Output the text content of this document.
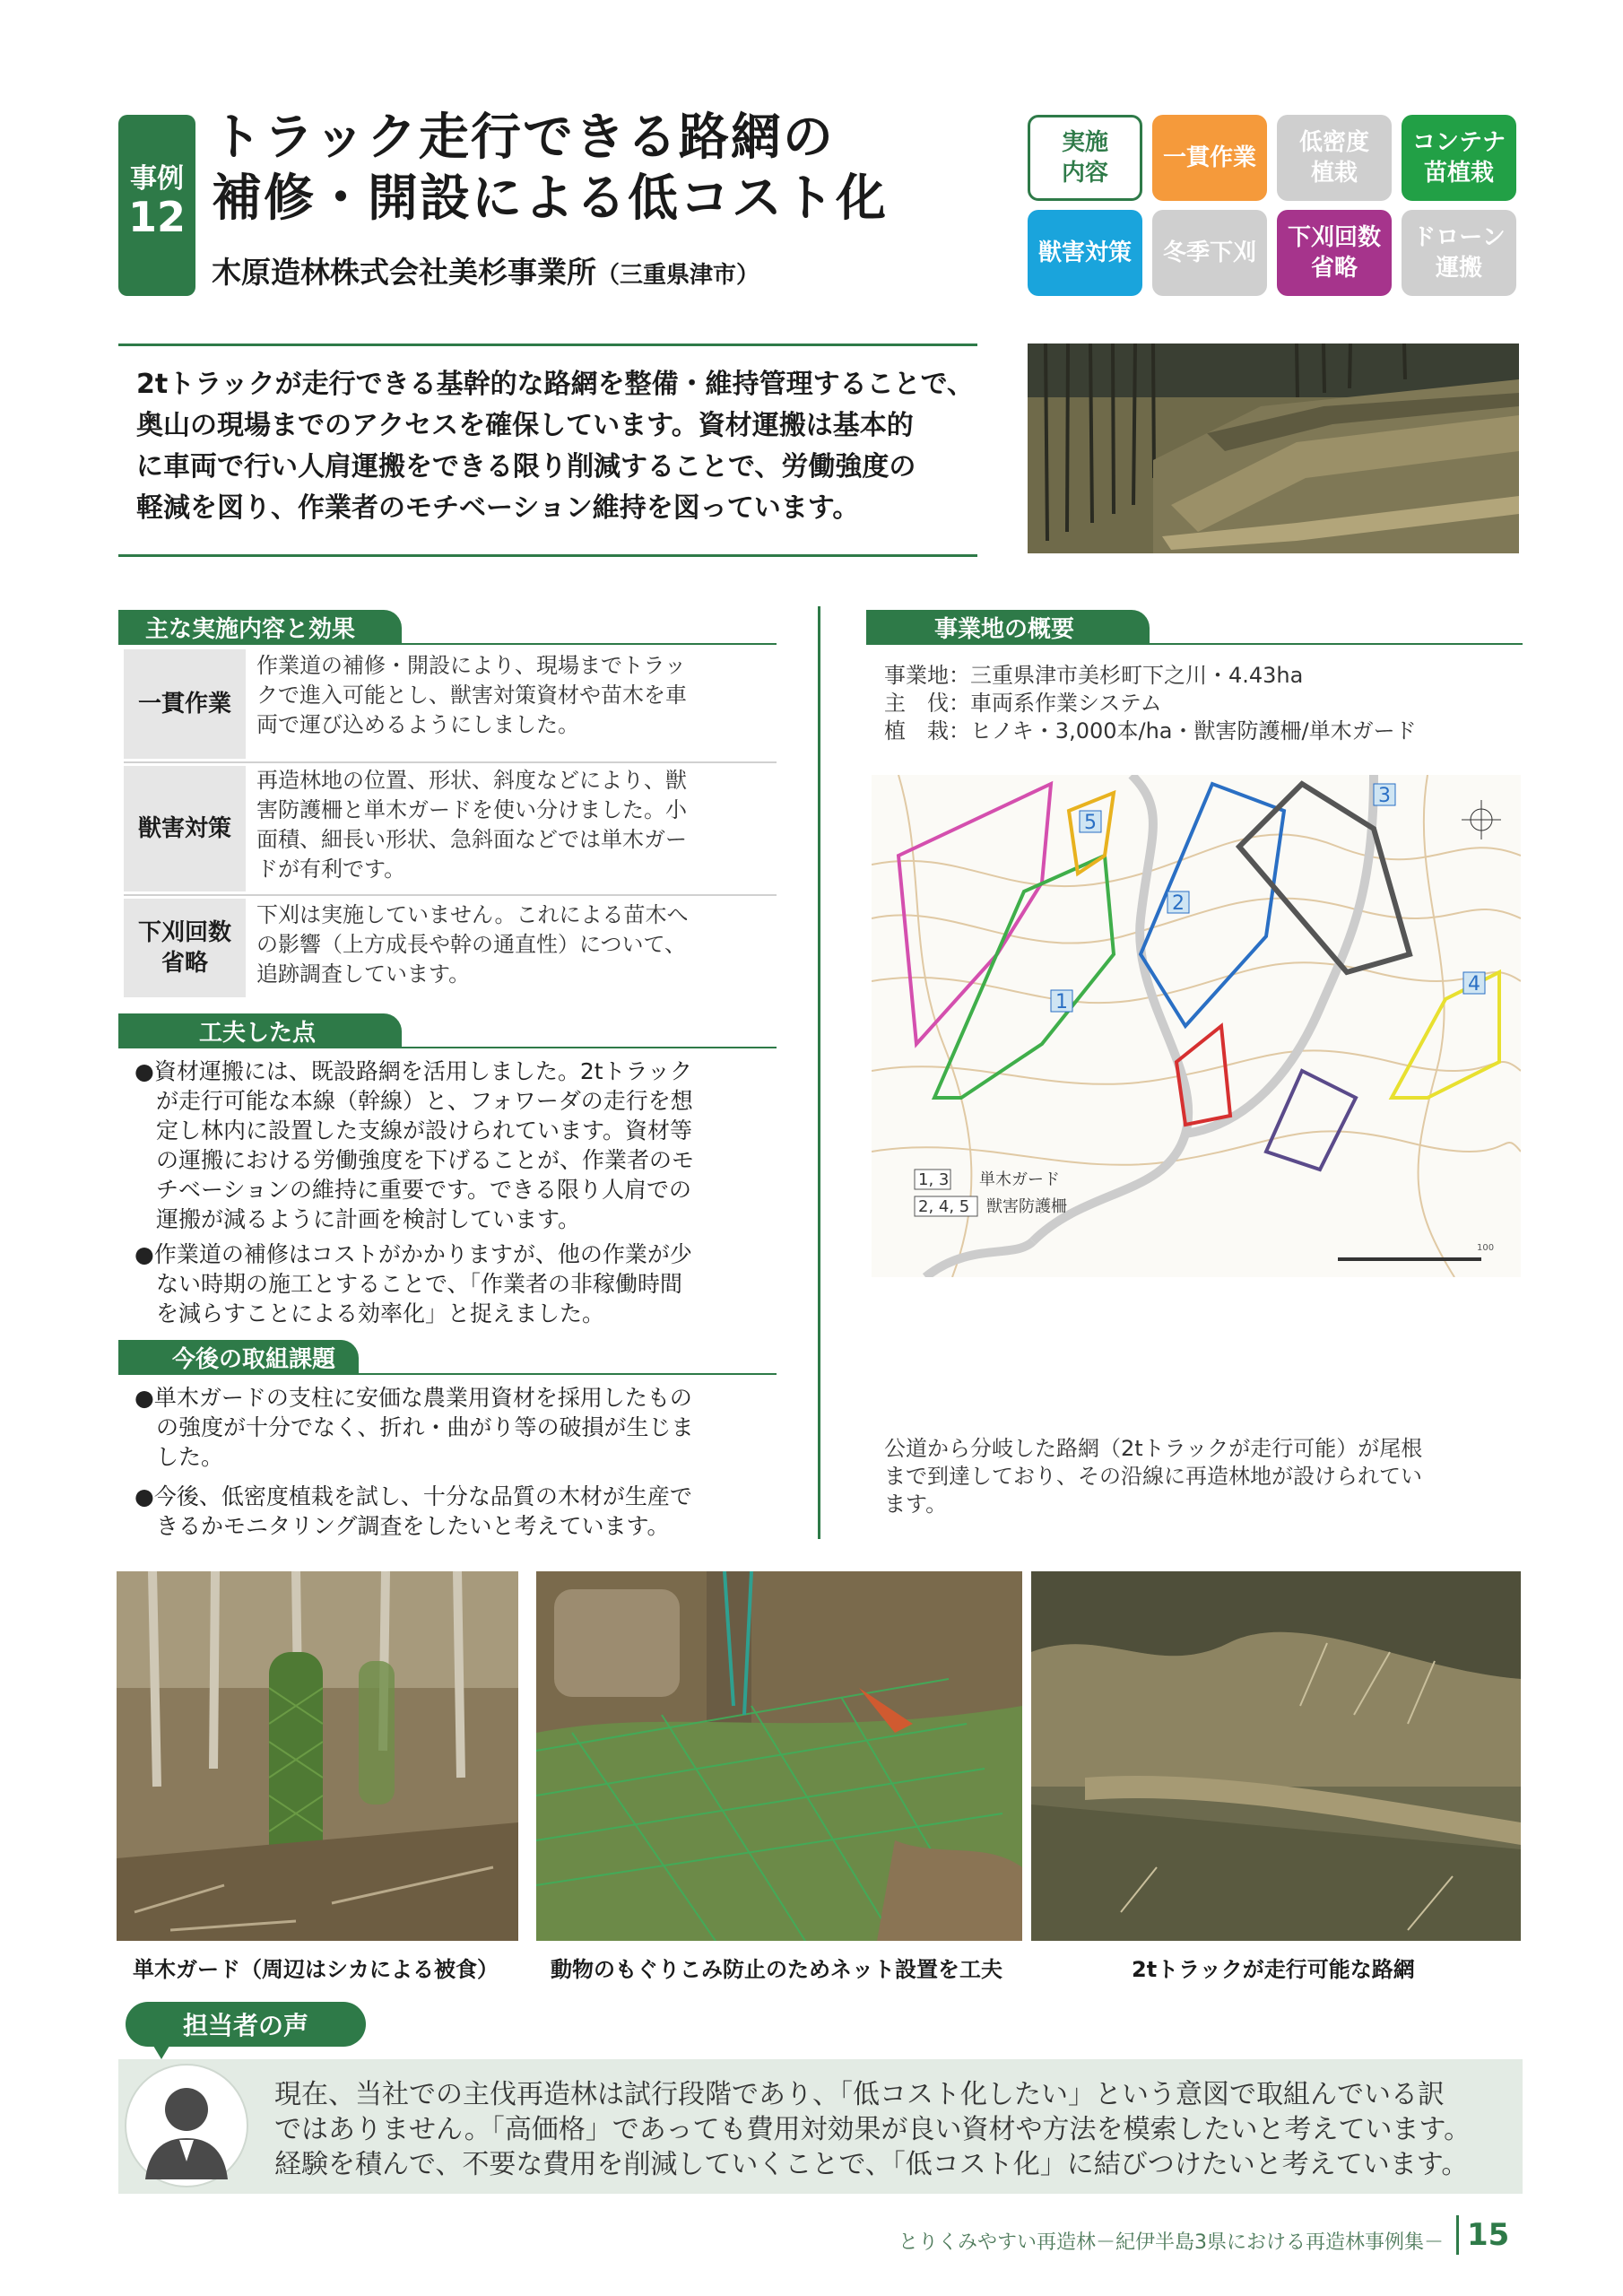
事例
12
トラック走行できる路網の
補修・開設による低コスト化
木原造林株式会社美杉事業所（三重県津市）
実施
内容
一貫作業
低密度
植栽
コンテナ
苗植栽
獣害対策 冬季下刈
下刈回数
省略
ドローン
運搬

2tトラックが走行できる基幹的な路網を整備・維持管理することで、
奥山の現場までのアクセスを確保しています。資材運搬は基本的
に車両で行い人肩運搬をできる限り削減することで、労働強度の
軽減を図り、作業者のモチベーション維持を図っています。

主な実施内容と効果
一貫作業
作業道の補修・開設により、現場までトラッ
クで進入可能とし、獣害対策資材や苗木を車
両で運び込めるようにしました。
獣害対策
再造林地の位置、形状、斜度などにより、獣
害防護柵と単木ガードを使い分けました。小
面積、細長い形状、急斜面などでは単木ガー
ドが有利です。
下刈回数
省略
下刈は実施していません。これによる苗木へ
の影響（上方成長や幹の通直性）について、
追跡調査しています。
工夫した点
●資材運搬には、既設路網を活用しました。2tトラック
が走行可能な本線（幹線）と、フォワーダの走行を想
定し林内に設置した支線が設けられています。資材等
の運搬における労働強度を下げることが、作業者のモ
チベーションの維持に重要です。できる限り人肩での
運搬が減るように計画を検討しています。
●作業道の補修はコストがかかりますが、他の作業が少
ない時期の施工とすることで、「作業者の非稼働時間
を減らすことによる効率化」と捉えました。
今後の取組課題
●単木ガードの支柱に安価な農業用資材を採用したもの
の強度が十分でなく、折れ・曲がり等の破損が生じま
した。
●今後、低密度植栽を試し、十分な品質の木材が生産で
きるかモニタリング調査をしたいと考えています。
事業地の概要
事業地：三重県津市美杉町下之川・4.43ha
主　伐：車両系作業システム
植　栽：ヒノキ・3,000本/ha・獣害防護柵/単木ガード
1
2
3
4
5
1, 3 単木ガード
2, 4, 5 獣害防護柵
100
公道から分岐した路網（2tトラックが走行可能）が尾根
まで到達しており、その沿線に再造林地が設けられてい
ます。
単木ガード（周辺はシカによる被食） 動物のもぐりこみ防止のためネット設置を工夫	2tトラックが走行可能な路網
担当者の声
現在、当社での主伐再造林は試行段階であり、「低コスト化したい」という意図で取組んでいる訳
ではありません。「高価格」であっても費用対効果が良い資材や方法を模索したいと考えています。
経験を積んで、不要な費用を削減していくことで、「低コスト化」に結びつけたいと考えています。
とりくみやすい再造林－紀伊半島3県における再造林事例集－ 15
